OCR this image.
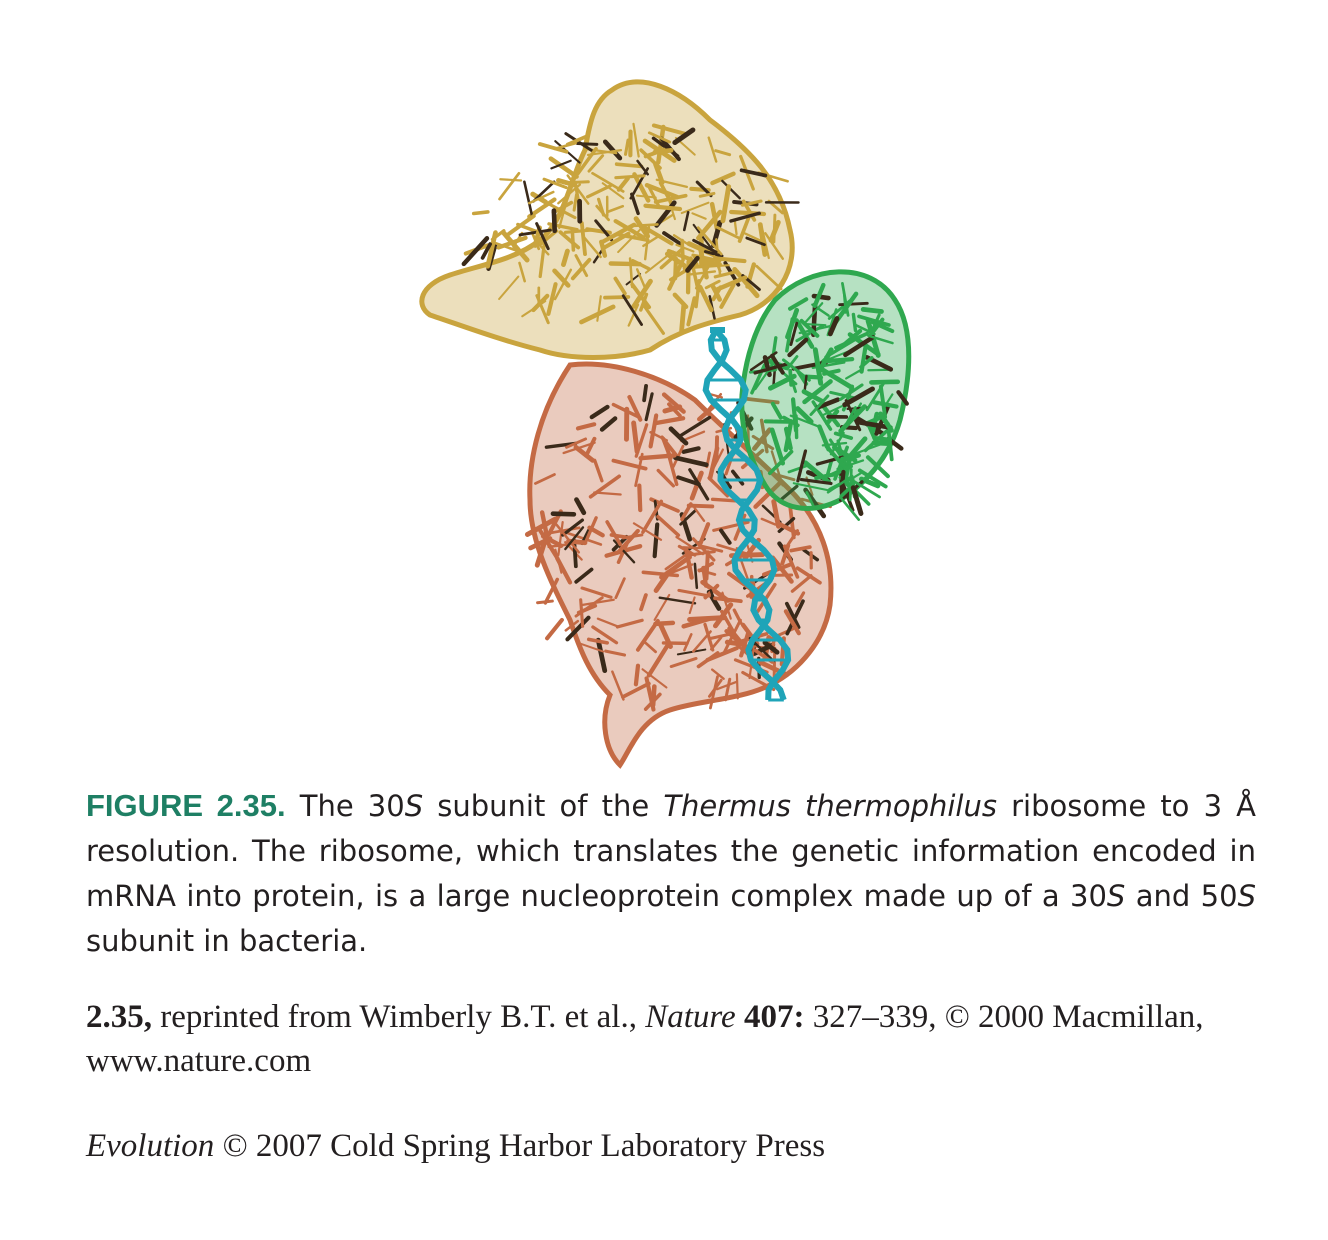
FIGURE 2.35. The 30S subunit of the Thermus thermophilus ribosome to 3 Å resolution. The ribosome, which translates the genetic information encoded in mRNA into protein, is a large nucleoprotein complex made up of a 30S and 50S subunit in bacteria.
2.35, reprinted from Wimberly B.T. et al., Nature 407: 327–339, © 2000 Macmillan, www.nature.com
Evolution © 2007 Cold Spring Harbor Laboratory Press
